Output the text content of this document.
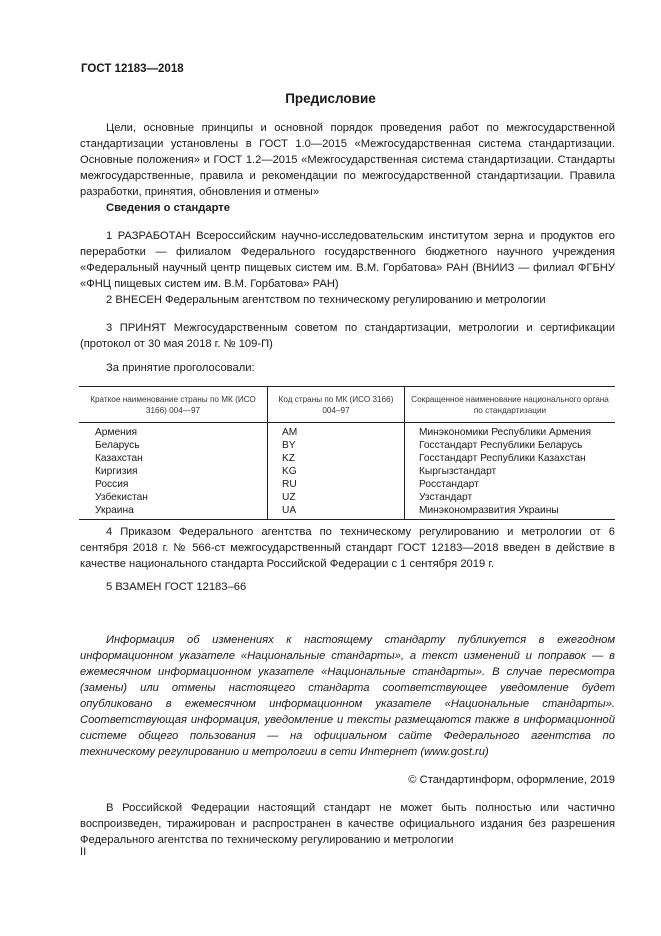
ГОСТ 12183—2018
Предисловие
Цели, основные принципы и основной порядок проведения работ по межгосударственной стандартизации установлены в ГОСТ 1.0—2015 «Межгосударственная система стандартизации. Основные положения» и ГОСТ 1.2—2015 «Межгосударственная система стандартизации. Стандарты межгосударственные, правила и рекомендации по межгосударственной стандартизации. Правила разработки, принятия, обновления и отмены»
Сведения о стандарте
1 РАЗРАБОТАН Всероссийским научно-исследовательским институтом зерна и продуктов его переработки — филиалом Федерального государственного бюджетного научного учреждения «Федеральный научный центр пищевых систем им. В.М. Горбатова» РАН (ВНИИЗ — филиал ФГБНУ «ФНЦ пищевых систем им. В.М. Горбатова» РАН)
2 ВНЕСЕН Федеральным агентством по техническому регулированию и метрологии
3 ПРИНЯТ Межгосударственным советом по стандартизации, метрологии и сертификации (протокол от 30 мая 2018 г. № 109-П)
За принятие проголосовали:
Краткое наименование страны по МК (ИСО 3166) 004—97	Код страны по МК (ИСО 3166) 004–97	Сокращенное наименование национального органа по стандартизации
Армения	AM	Минэкономики Республики Армения
Беларусь	BY	Госстандарт Республики Беларусь
Казахстан	KZ	Госстандарт Республики Казахстан
Киргизия	KG	Кыргызстандарт
Россия	RU	Росстандарт
Узбекистан	UZ	Узстандарт
Украина	UA	Минэкономразвития Украины
4 Приказом Федерального агентства по техническому регулированию и метрологии от 6 сентября 2018 г. № 566-ст межгосударственный стандарт ГОСТ 12183—2018 введен в действие в качестве национального стандарта Российской Федерации с 1 сентября 2019 г.
5 ВЗАМЕН ГОСТ 12183–66
Информация об изменениях к настоящему стандарту публикуется в ежегодном информационном указателе «Национальные стандарты», а текст изменений и поправок — в ежемесячном информационном указателе «Национальные стандарты». В случае пересмотра (замены) или отмены настоящего стандарта соответствующее уведомление будет опубликовано в ежемесячном информационном указателе «Национальные стандарты». Соответствующая информация, уведомление и тексты размещаются также в информационной системе общего пользования — на официальном сайте Федерального агентства по техническому регулированию и метрологии в сети Интернет (www.gost.ru)
© Стандартинформ, оформление, 2019
В Российской Федерации настоящий стандарт не может быть полностью или частично воспроизведен, тиражирован и распространен в качестве официального издания без разрешения Федерального агентства по техническому регулированию и метрологии
II
